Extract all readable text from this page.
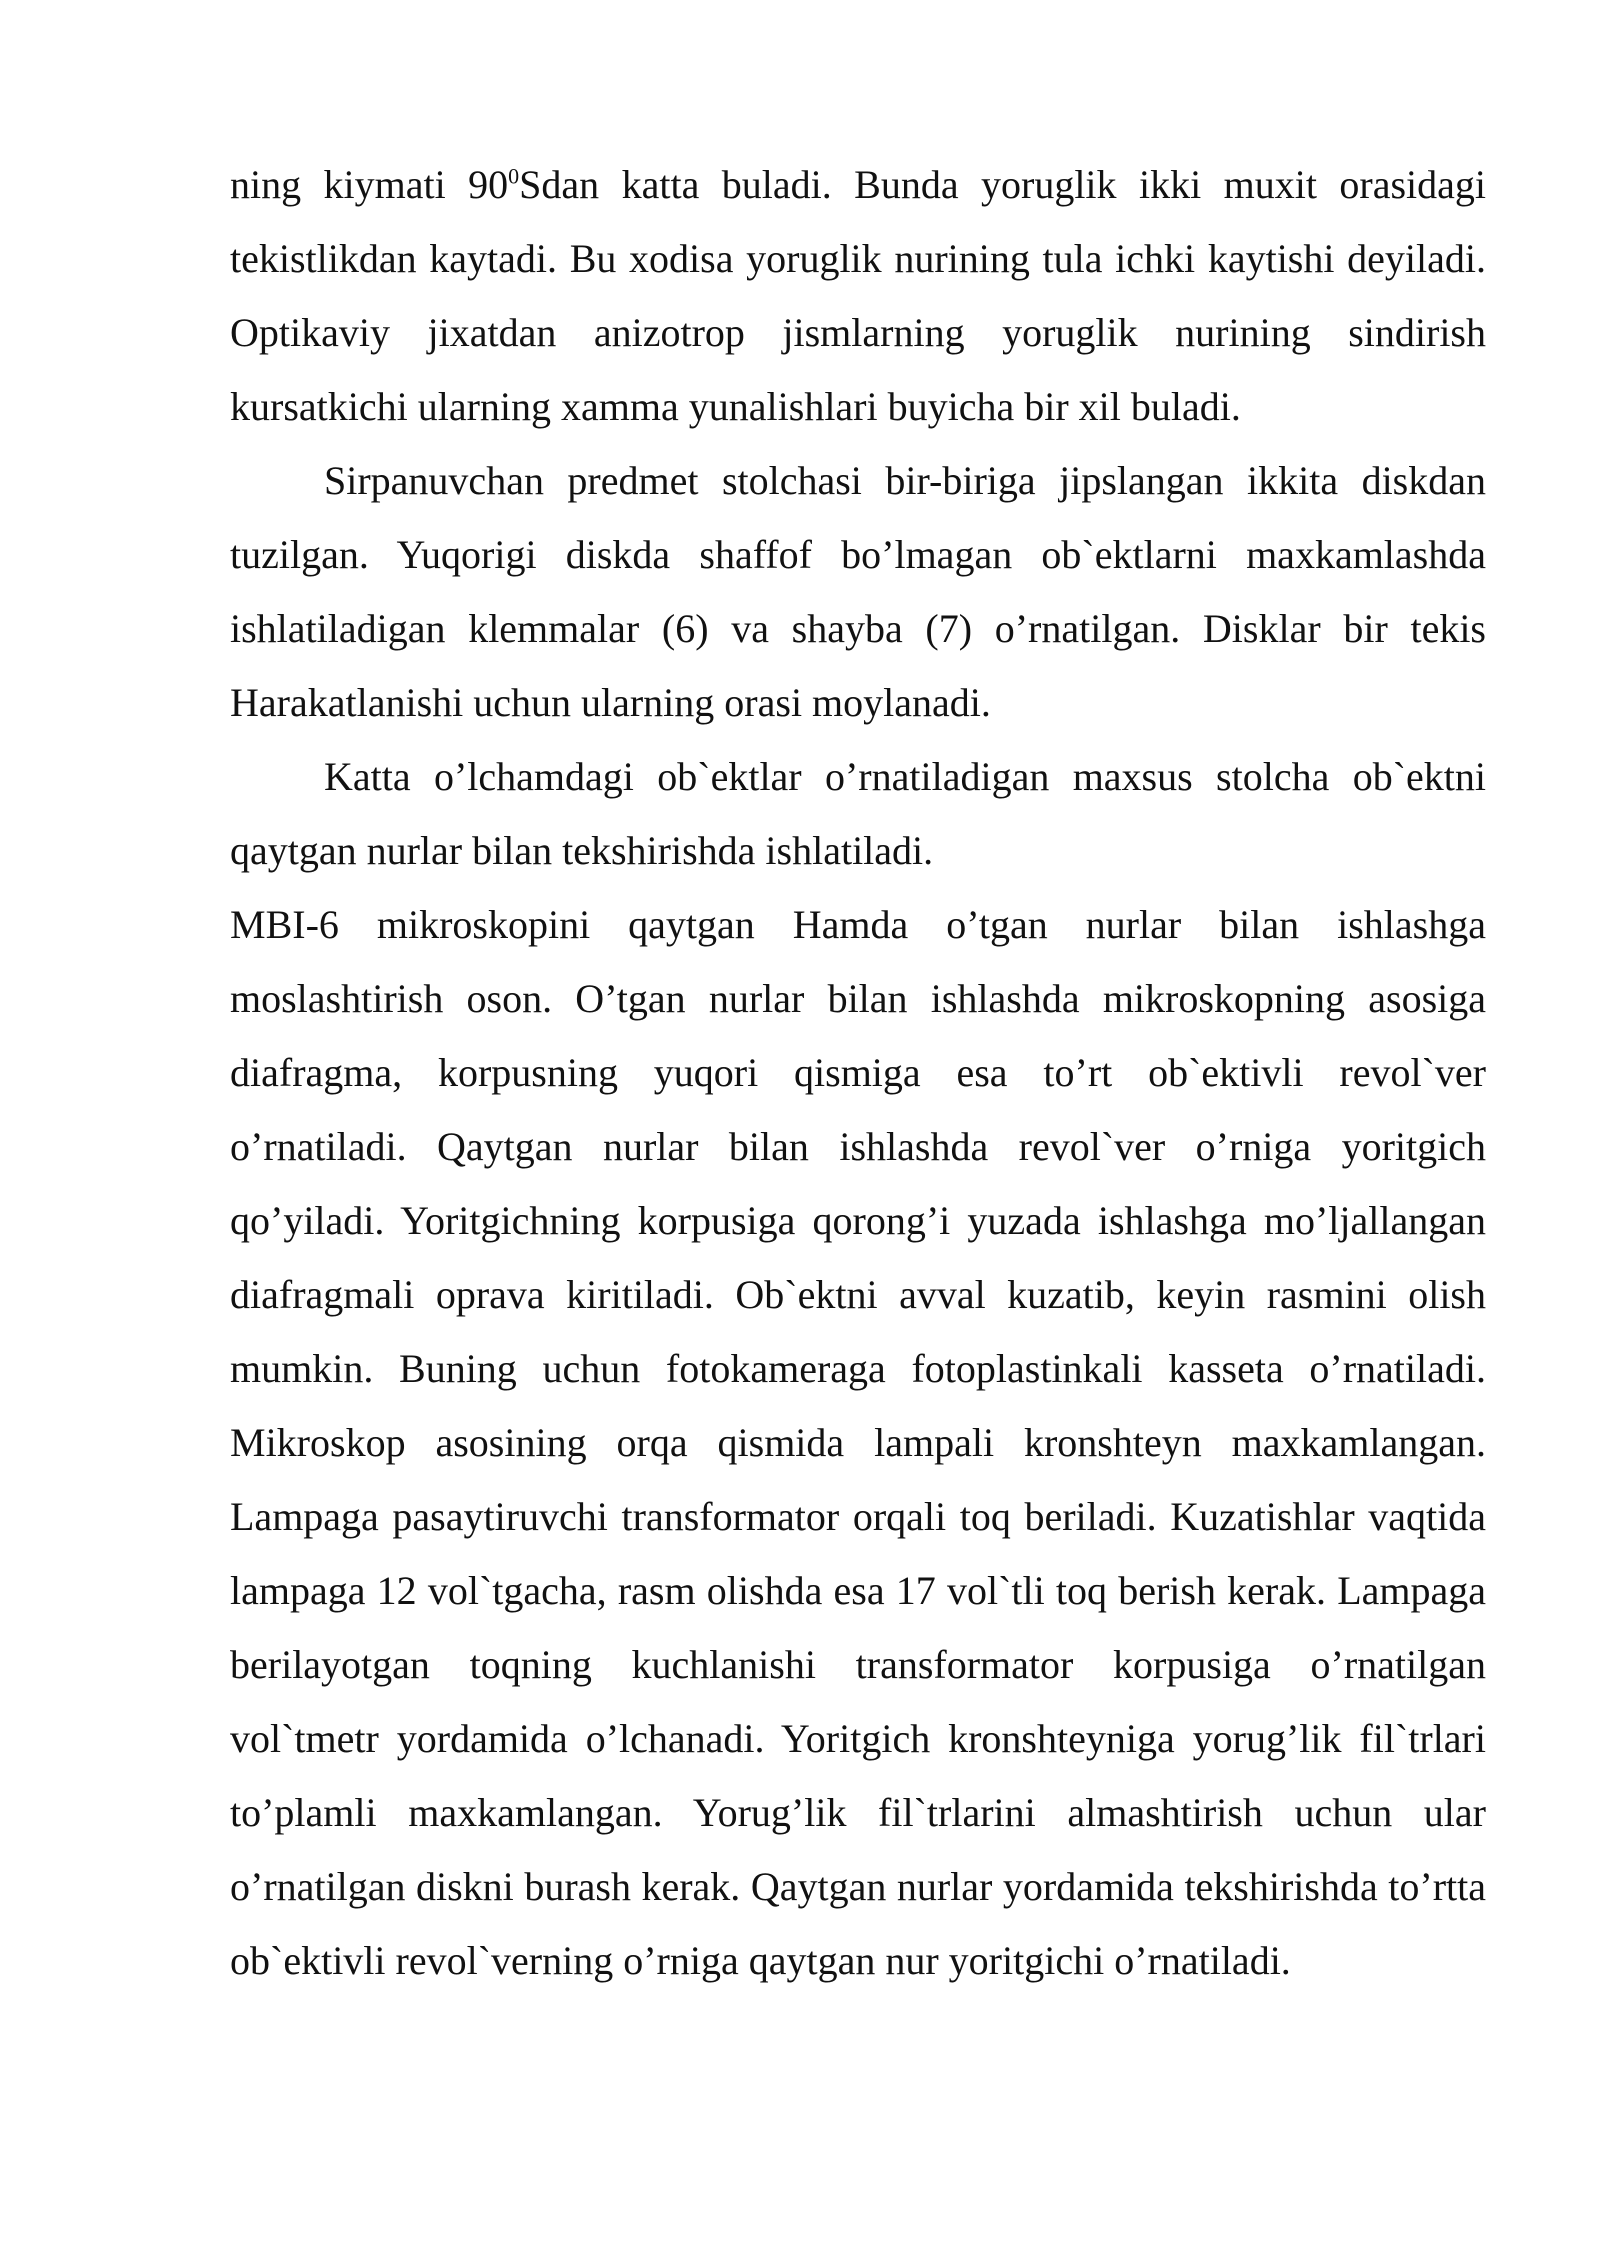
ning kiymati $90^0Sdan$ katta buladi. Bunda yoruglik ikki muxit orasidagi tekistlikdan kaytadi. Bu xodisa yoruglik nurining tula ichki kaytishi deyiladi. Optikaviy jixatdan anizotrop jismlarning yoruglik nurining sindirish kursatkichi ularning xamma yunalishlari buyicha bir xil buladi.

Sirpanuvchan predmet stolchasi bir-biriga jipslangan ikkita diskdan tuzilgan. Yuqorigi diskda shaffof bo’lmagan ob`ektlarni maxkamlashda ishlatiladigan klemmalar (6) va shayba (7) o’rnatilgan. Disklar bir tekis Harakatlanishi uchun ularning orasi moylanadi.

Katta o’lchamdagi ob`ektlar o’rnatiladigan maxsus stolcha ob`ektni qaytgan nurlar bilan tekshirishda ishlatiladi.

MBI-6 mikroskopini qaytgan Hamda o’tgan nurlar bilan ishlashga moslashtirish oson. O’tgan nurlar bilan ishlashda mikroskopning asosiga diafragma, korpusning yuqori qismiga esa to’rt ob`ektivli revol`ver o’rnatiladi. Qaytgan nurlar bilan ishlashda revol`ver o’rniga yoritgich qo’yiladi. Yoritgichning korpusiga qorong’i yuzada ishlashga mo’ljallangan diafragmali oprava kiritiladi. Ob`ektni avval kuzatib, keyin rasmini olish mumkin. Buning uchun fotokameraga fotoplastinkali kasseta o’rnatiladi. Mikroskop asosining orqa qismida lampali kronshteyn maxkamlangan. Lampaga pasaytiruvchi transformator orqali toq beriladi. Kuzatishlar vaqtida lampaga 12 vol`tgacha, rasm olishda esa 17 vol`tli toq berish kerak. Lampaga berilayotgan toqning kuchlanishi transformator korpusiga o’rnatilgan vol`tmetr yordamida o’lchanadi. Yoritgich kronshteyniga yorug’lik fil`trlari to’plamli maxkamlangan. Yorug’lik fil`trlarini almashtirish uchun ular o’rnatilgan diskni burash kerak. Qaytgan nurlar yordamida tekshirishda to’rtta ob`ektivli revol`verning o’rniga qaytgan nur yoritgichi o’rnatiladi.
